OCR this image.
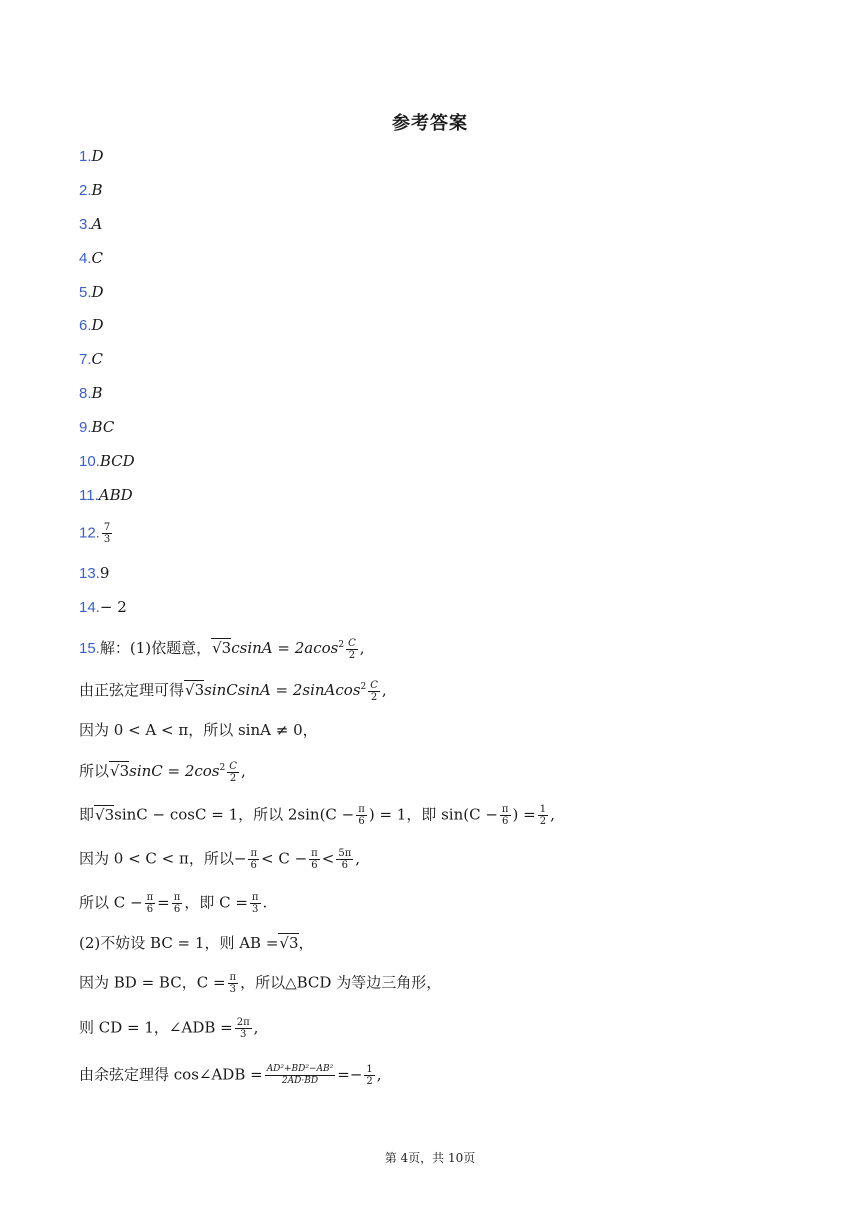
参考答案
1.D
2.B
3.A
4.C
5.D
6.D
7.C
8.B
9.BC
10.BCD
11.ABD
12. $\frac{7}{3}$
13.9
14.− 2
15.解：(1)依题意，$√3csinA = 2acos^2 \frac{C}{2}$ ,
由正弦定理可得√3sinCsinA = 2sinAcos$^2$ $\frac{C}{2}$ ,
因为 0 < A < π，所以 sinA ≠ 0，
所以$√3\sin C = 2\cos^2 \frac{C}{2}$ ,
即√3sinC − cosC = 1，所以 $2\sin(C - \frac{\pi}{6}$ ) = 1，即 $\sin(C - \frac{\pi}{6}$ ) = $\frac{1}{2}$ ,
因为 0 < C < π，所以− $\frac{\pi}{6} < C - \frac{\pi}{6} < \frac{5\pi}{6}$ ,
所以 $C - \frac{\pi}{6} = \frac{\pi}{6}$ ，即 $C = \frac{\pi}{3}$ .
(2)不妨设 BC = 1，则 AB =√3，
因为 BD = BC，$C = \frac{\pi}{3}$ ，所以△BCD 为等边三角形，
则 CD = 1，∠ADB = $\frac{2\pi}{3}$ ,
由余弦定理得 cos∠ADB = $\frac{\text{AD²+BD²−AB²}}{2AD\cdot BD} =- \frac{1}{2}$ ,
第 4页，共 10页
